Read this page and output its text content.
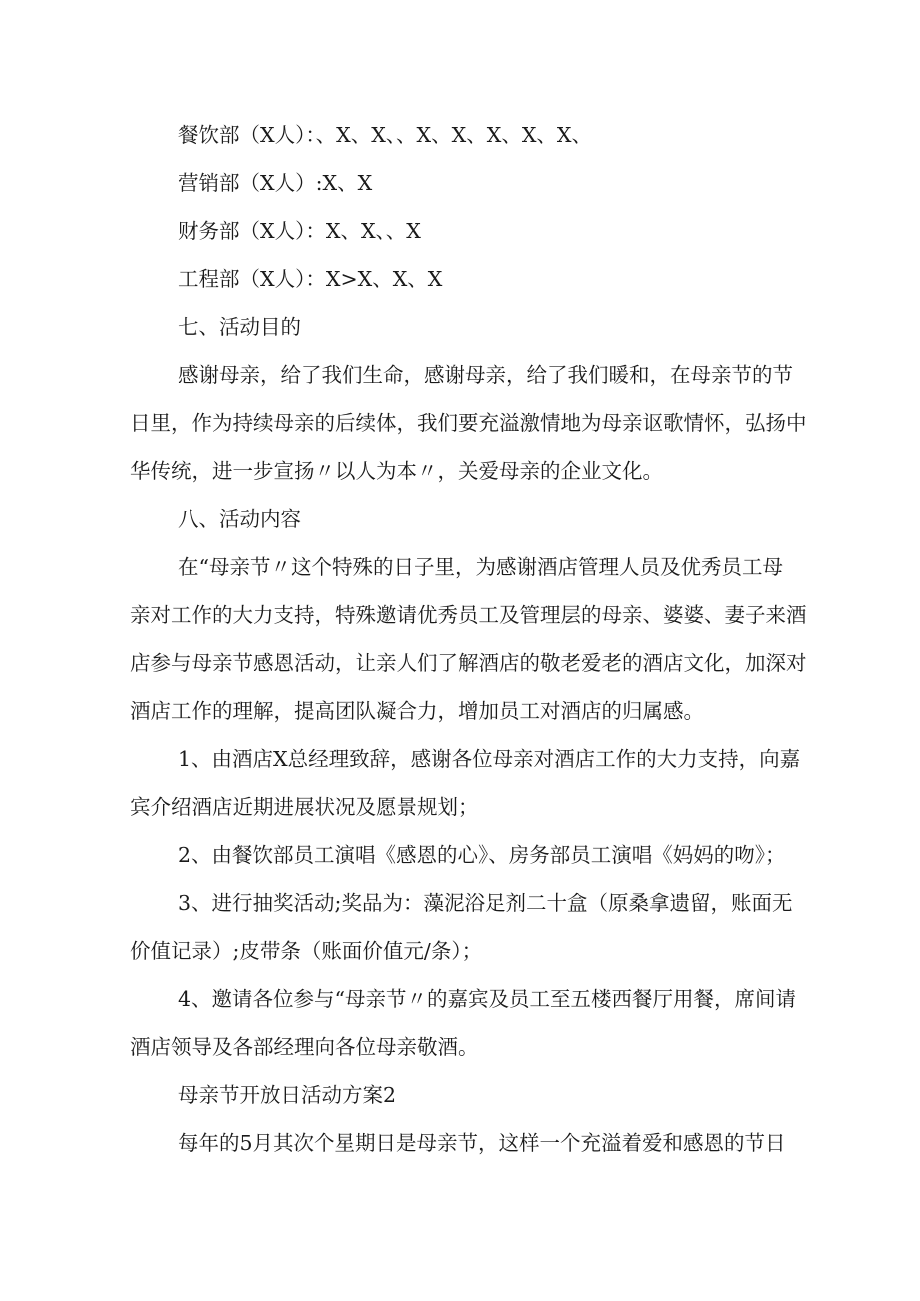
餐饮部（X人）：、X、X、、X、X、X、X、X、
营销部（X人）:X、X
财务部（X人）：X、X、、X
工程部（X人）：X>X、X、X
七、活动目的
感谢母亲，给了我们生命，感谢母亲，给了我们暖和，在母亲节的节
日里，作为持续母亲的后续体，我们要充溢激情地为母亲讴歌情怀，弘扬中
华传统，进一步宣扬〃以人为本〃，关爱母亲的企业文化。
八、活动内容
在“母亲节〃这个特殊的日子里，为感谢酒店管理人员及优秀员工母
亲对工作的大力支持，特殊邀请优秀员工及管理层的母亲、婆婆、妻子来酒
店参与母亲节感恩活动，让亲人们了解酒店的敬老爱老的酒店文化，加深对
酒店工作的理解，提高团队凝合力，增加员工对酒店的归属感。
1、由酒店X总经理致辞，感谢各位母亲对酒店工作的大力支持，向嘉
宾介绍酒店近期进展状况及愿景规划；
2、由餐饮部员工演唱《感恩的心》、房务部员工演唱《妈妈的吻》；
3、进行抽奖活动;奖品为：藻泥浴足剂二十盒（原桑拿遗留，账面无
价值记录）;皮带条（账面价值元/条）；
4、邀请各位参与“母亲节〃的嘉宾及员工至五楼西餐厅用餐，席间请
酒店领导及各部经理向各位母亲敬酒。
母亲节开放日活动方案2
每年的5月其次个星期日是母亲节，这样一个充溢着爱和感恩的节日
